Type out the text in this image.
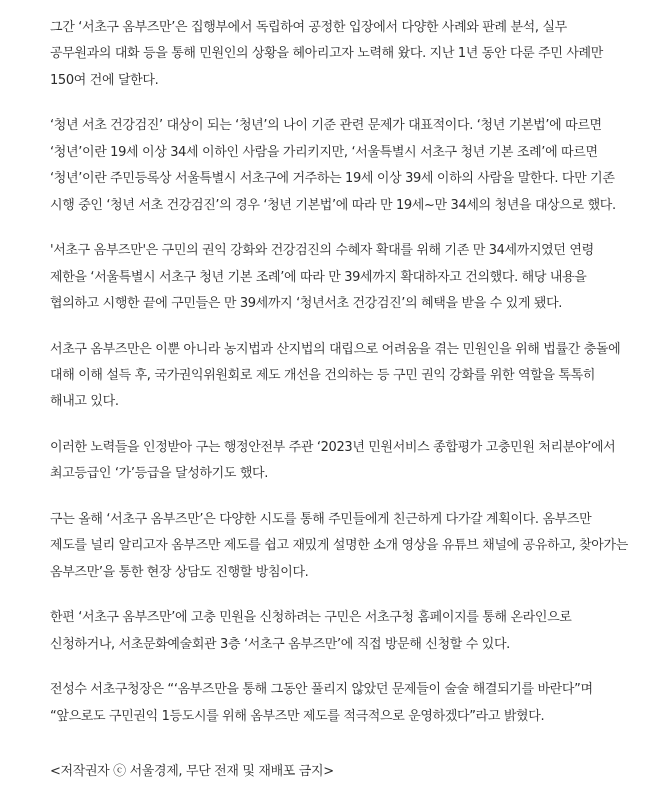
그간 ‘서초구 옴부즈만’은 집행부에서 독립하여 공정한 입장에서 다양한 사례와 판례 분석, 실무 공무원과의 대화 등을 통해 민원인의 상황을 헤아리고자 노력해 왔다. 지난 1년 동안 다룬 주민 사례만 150여 건에 달한다.

‘청년 서초 건강검진’ 대상이 되는 ‘청년’의 나이 기준 관련 문제가 대표적이다. ‘청년 기본법’에 따르면 ‘청년’이란 19세 이상 34세 이하인 사람을 가리키지만, ‘서울특별시 서초구 청년 기본 조례’에 따르면 ‘청년’이란 주민등록상 서울특별시 서초구에 거주하는 19세 이상 39세 이하의 사람을 말한다. 다만 기존 시행 중인 ‘청년 서초 건강검진’의 경우 ‘청년 기본법’에 따라 만 19세~만 34세의 청년을 대상으로 했다.

'서초구 옴부즈만'은 구민의 권익 강화와 건강검진의 수혜자 확대를 위해 기존 만 34세까지였던 연령 제한을 ‘서울특별시 서초구 청년 기본 조례’에 따라 만 39세까지 확대하자고 건의했다. 해당 내용을 협의하고 시행한 끝에 구민들은 만 39세까지 ‘청년서초 건강검진’의 혜택을 받을 수 있게 됐다.

서초구 옴부즈만은 이뿐 아니라 농지법과 산지법의 대립으로 어려움을 겪는 민원인을 위해 법률간 충돌에 대해 이해 설득 후, 국가권익위원회로 제도 개선을 건의하는 등 구민 권익 강화를 위한 역할을 톡톡히 해내고 있다.

이러한 노력들을 인정받아 구는 행정안전부 주관 ‘2023년 민원서비스 종합평가 고충민원 처리분야’에서 최고등급인 ‘가’등급을 달성하기도 했다.

구는 올해 ‘서초구 옴부즈만’은 다양한 시도를 통해 주민들에게 친근하게 다가갈 계획이다. 옴부즈만 제도를 널리 알리고자 옴부즈만 제도를 쉽고 재밌게 설명한 소개 영상을 유튜브 채널에 공유하고, 찾아가는 옴부즈만’을 통한 현장 상담도 진행할 방침이다.

한편 ‘서초구 옴부즈만’에 고충 민원을 신청하려는 구민은 서초구청 홈페이지를 통해 온라인으로 신청하거나, 서초문화예술회관 3층 ‘서초구 옴부즈만’에 직접 방문해 신청할 수 있다.

전성수 서초구청장은 “‘옴부즈만을 통해 그동안 풀리지 않았던 문제들이 술술 해결되기를 바란다”며 “앞으로도 구민권익 1등도시를 위해 옴부즈만 제도를 적극적으로 운영하겠다”라고 밝혔다.

<저작권자 ⓒ 서울경제, 무단 전재 및 재배포 금지>
